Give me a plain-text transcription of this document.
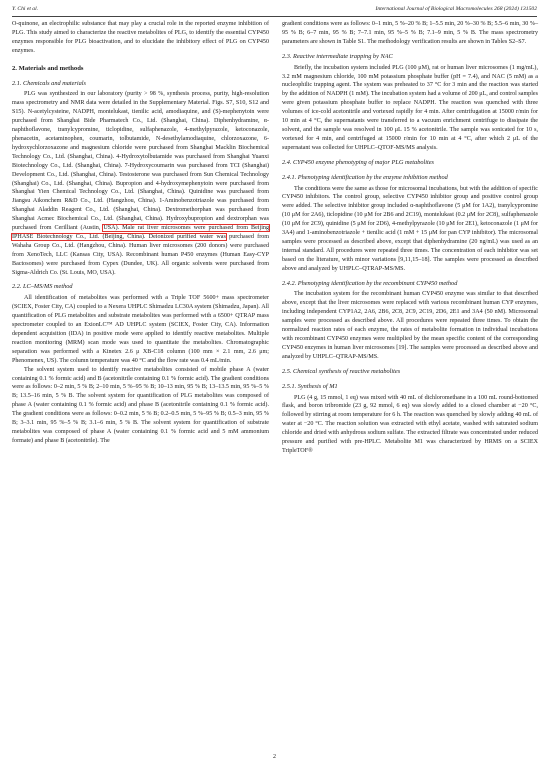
Y. Chi et al.	International Journal of Biological Macromolecules 268 (2024) 131502

O-quinone, an electrophilic substance that may play a crucial role in the reported enzyme inhibition of PLG. This study aimed to characterize the reactive metabolites of PLG, to identify the essential CYP450 enzymes responsible for PLG bioactivation, and to elucidate the inhibitory effect of PLG on CYP450 enzymes.

2. Materials and methods

2.1. Chemicals and materials

PLG was synthesized in our laboratory (purity > 98 %, synthesis process, purity, high-resolution mass spectrometry and NMR data were detailed in the Supplementary Material. Figs. S7, S10, S12 and S15). N-acetylcysteine, NADPH, montelukast, tienilic acid, amodiaquine, and (S)-mephenytoin were purchased from Shanghai Bide Pharmatech Co., Ltd. (Shanghai, China). Diphenhydramine, α-naphthoflavone, tranylcypromine, ticlopidine, sulfaphenazole, 4-methylpyrazole, ketoconazole, phenacetin, acetaminophen, coumarin, tolbutamide, N-desethylamodiaquine, chlorzoxazone, 6-hydroxychlorzoxazone and magnesium chloride were purchased from Shanghai Macklin Biochemical Technology Co., Ltd. (Shanghai, China). 4-Hydroxytolbutamide was purchased from Shanghai Yuanxi Biotechnology Co., Ltd. (Shanghai, China). 7-Hydroxycoumarin was purchased from TCI (Shanghai) Development Co., Ltd. (Shanghai, China). Testosterone was purchased from Sun Chemical Technology (Shanghai) Co., Ltd. (Shanghai, China). Bupropion and 4-hydroxymephenytoin were purchased from Shanghai Yien Chemical Technology Co., Ltd. (Shanghai, China). Quinidine was purchased from Jiangsu Aikonchem R&D Co., Ltd. (Hangzhou, China). 1-Aminobenzotriazole was purchased from Shanghai Aladdin Reagent Co., Ltd. (Shanghai, China). Dextromethorphan was purchased from Shanghai Acmec Biochemical Co., Ltd. (Shanghai, China). Hydroxybupropion and dextrorphan was purchased from Cerilliant (Austin, USA). Male rat liver microsomes were purchased from Beijing IPHASE Biotechnology Co., Ltd. (Beijing, China). Deionized purified water was purchased from Wahaha Group Co., Ltd. (Hangzhou, China). Human liver microsomes (200 donors) were purchased from XenoTech, LLC (Kansas City, USA). Recombinant human P450 enzymes (Human Easy-CYP Bactosomes) were purchased from Cypex (Dundee, UK). All organic solvents were purchased from Sigma-Aldrich Co. (St. Louis, MO, USA).

2.2. LC–MS/MS method

All identification of metabolites was performed with a Triple TOF 5600+ mass spectrometer (SCIEX, Foster City, CA) coupled to a Nexera UHPLC Shimadzu LC30A system (Shimadzu, Japan). All quantification of PLG metabolites and substrate metabolites was performed with a 6500+ QTRAP mass spectrometer coupled to an ExionLC™ AD UHPLC system (SCIEX, Foster City, CA). Information dependent acquisition (IDA) in positive mode were applied to identify reactive metabolites. Multiple reaction monitoring (MRM) scan mode was used to quantitate the metabolites. Chromatographic separation was performed with a Kinetex 2.6 μ XB-C18 column (100 mm × 2.1 mm, 2.6 μm; Phenomenex, US). The column temperature was 40 °C and the flow rate was 0.4 mL/min.

The solvent system used to identify reactive metabolites consisted of mobile phase A (water containing 0.1 % formic acid) and B (acetonitrile containing 0.1 % formic acid). The gradient conditions were as follows: 0–2 min, 5 % B; 2–10 min, 5 %–95 % B; 10–13 min, 95 % B; 13–13.5 min, 95 %–5 % B; 13.5–16 min, 5 % B. The solvent system for quantification of PLG metabolites was composed of phase A (water containing 0.1 % formic acid) and phase B (acetonitrile containing 0.1 % formic acid). The gradient conditions were as follows: 0–0.2 min, 5 % B; 0.2–0.5 min, 5 %–95 % B; 0.5–3 min, 95 % B; 3–3.1 min, 95 %–5 % B; 3.1–6 min, 5 % B. The solvent system for quantification of substrate metabolites was composed of phase A (water containing 0.1 % formic acid and 5 mM ammonium formate) and phase B (acetonitrile). The

gradient conditions were as follows: 0–1 min, 5 %–20 % B; 1–5.5 min, 20 %–30 % B; 5.5–6 min, 30 %–95 % B; 6–7 min, 95 % B; 7–7.1 min, 95 %–5 % B; 7.1–9 min, 5 % B. The mass spectrometry parameters are shown in Table S1. The methodology verification results are shown in Tables S2–S7.

2.3. Reactive intermediate trapping by NAC

Briefly, the incubation system included PLG (100 μM), rat or human liver microsomes (1 mg/mL), 3.2 mM magnesium chloride, 100 mM potassium phosphate buffer (pH = 7.4), and NAC (5 mM) as a nucleophilic trapping agent. The system was preheated to 37 °C for 3 min and the reaction was started by the addition of NADPH (1 mM). The incubation system had a volume of 200 μL, and control samples were given potassium phosphate buffer to replace NADPH. The reaction was quenched with three volumes of ice-cold acetonitrile and vortexed rapidly for 4 min. After centrifugation at 15000 r/min for 10 min at 4 °C, the supernatants were transferred to a vacuum enrichment centrifuge to dissipate the solvent, and the sample was resolved in 100 μL 15 % acetonitrile. The sample was sonicated for 10 s, vortexed for 4 min, and centrifuged at 15000 r/min for 10 min at 4 °C, after which 2 μL of the supernatant was collected for UHPLC–QTOF-MS/MS analysis.

2.4. CYP450 enzyme phenotyping of major PLG metabolites

2.4.1. Phenotyping identification by the enzyme inhibition method

The conditions were the same as those for microsomal incubations, but with the addition of specific CYP450 inhibitors. The control group, selective CYP450 inhibitor group and positive control group were added. The selective inhibitor group included α-naphthoflavone (5 μM for 1A2), tranylcypromine (10 μM for 2A6), ticlopidine (10 μM for 2B6 and 2C19), montelukast (0.2 μM for 2C8), sulfaphenazole (10 μM for 2C9), quinidine (5 μM for 2D6), 4-methylpyrazole (10 μM for 2E1), ketoconazole (1 μM for 3A4) and 1-aminobenzotriazole + tienilic acid (1 mM + 15 μM for pan CYP inhibitor). The microsomal samples were processed as described above, except that diphenhydramine (20 ng/mL) was used as an internal standard. All procedures were repeated three times. The concentration of each inhibitor was set based on the literature, with minor variations [9,11,15–18]. The samples were processed as described above and analyzed by UHPLC–QTRAP-MS/MS.

2.4.2. Phenotyping identification by the recombinant CYP450 method

The incubation system for the recombinant human CYP450 enzyme was similar to that described above, except that the liver microsomes were replaced with various recombinant human CYP enzymes, including independent CYP1A2, 2A6, 2B6, 2C8, 2C9, 2C19, 2D6, 2E1 and 3A4 (50 nM). Microsomal samples were processed as described above. All procedures were repeated three times. To obtain the normalized reaction rates of each enzyme, the rates of metabolite formation in individual incubations with recombinant CYP450 enzymes were multiplied by the mean specific content of the corresponding CYP450 enzymes in human liver microsomes [19]. The samples were processed as described above and analyzed by UHPLC–QTRAP-MS/MS.

2.5. Chemical synthesis of reactive metabolites

2.5.1. Synthesis of M1

PLG (4 g, 15 mmol, 1 eq) was mixed with 40 mL of dichloromethane in a 100 mL round-bottomed flask, and boron tribromide (23 g, 92 mmol, 6 eq) was slowly added to a closed chamber at −20 °C, followed by stirring at room temperature for 6 h. The reaction was quenched by slowly adding 40 mL of water at −20 °C. The reaction solution was extracted with ethyl acetate, washed with saturated sodium chloride and dried with anhydrous sodium sulfate. The extracted filtrate was concentrated under reduced pressure and purified with pre-HPLC. Metabolite M1 was characterized by HRMS on a SCIEX TripleTOF®

2
